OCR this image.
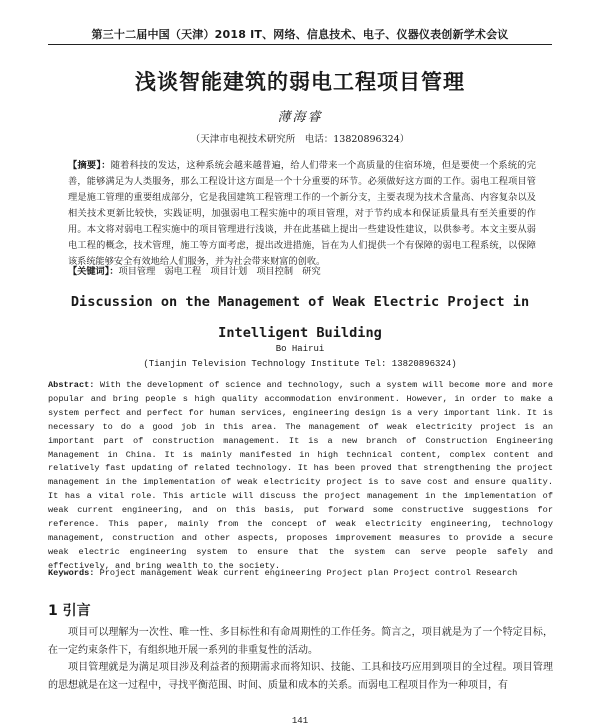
第三十二届中国（天津）2018 IT、网络、信息技术、电子、仪器仪表创新学术会议
浅谈智能建筑的弱电工程项目管理
薄海睿
（天津市电视技术研究所　电话：13820896324）
【摘要】：随着科技的发达，这种系统会越来越普遍，给人们带来一个高质量的住宿环境，但是要使一个系统的完善，能够满足为人类服务，那么工程设计这方面是一个十分重要的环节。必须做好这方面的工作。弱电工程项目管理是施工管理的重要组成部分，它是我国建筑工程管理工作的一个新分支，主要表现为技术含量高、内容复杂以及相关技术更新比较快，实践证明，加强弱电工程实施中的项目管理，对于节约成本和保证质量具有至关重要的作用。本文将对弱电工程实施中的项目管理进行浅谈，并在此基础上提出一些建设性建议，以供参考。本文主要从弱电工程的概念，技术管理，施工等方面考虑，提出改进措施，旨在为人们提供一个有保障的弱电工程系统，以保障该系统能够安全有效地给人们服务，并为社会带来财富的创收。
【关键词】：项目管理　弱电工程　项目计划　项目控制　研究
Discussion on the Management of Weak Electric Project in Intelligent Building
Bo Hairui
(Tianjin Television Technology Institute Tel: 13820896324)
Abstract: With the development of science and technology, such a system will become more and more popular and bring people s high quality accommodation environment. However, in order to make a system perfect and perfect for human services, engineering design is a very important link. It is necessary to do a good job in this area. The management of weak electricity project is an important part of construction management. It is a new branch of Construction Engineering Management in China. It is mainly manifested in high technical content, complex content and relatively fast updating of related technology. It has been proved that strengthening the project management in the implementation of weak electricity project is to save cost and ensure quality. It has a vital role. This article will discuss the project management in the implementation of weak current engineering, and on this basis, put forward some constructive suggestions for reference. This paper, mainly from the concept of weak electricity engineering, technology management, construction and other aspects, proposes improvement measures to provide a secure weak electric engineering system to ensure that the system can serve people safely and effectively, and bring wealth to the society.
Keywords: Project management Weak current engineering Project plan Project control Research
1 引言

项目可以理解为一次性、唯一性、多目标性和有命周期性的工作任务。简言之，项目就是为了一个特定目标，在一定约束条件下，有组织地开展一系列的非重复性的活动。

项目管理就是为满足项目涉及利益者的预期需求而将知识、技能、工具和技巧应用到项目的全过程。项目管理的思想就是在这一过程中，寻找平衡范围、时间、质量和成本的关系。而弱电工程项目作为一种项目，有

141
